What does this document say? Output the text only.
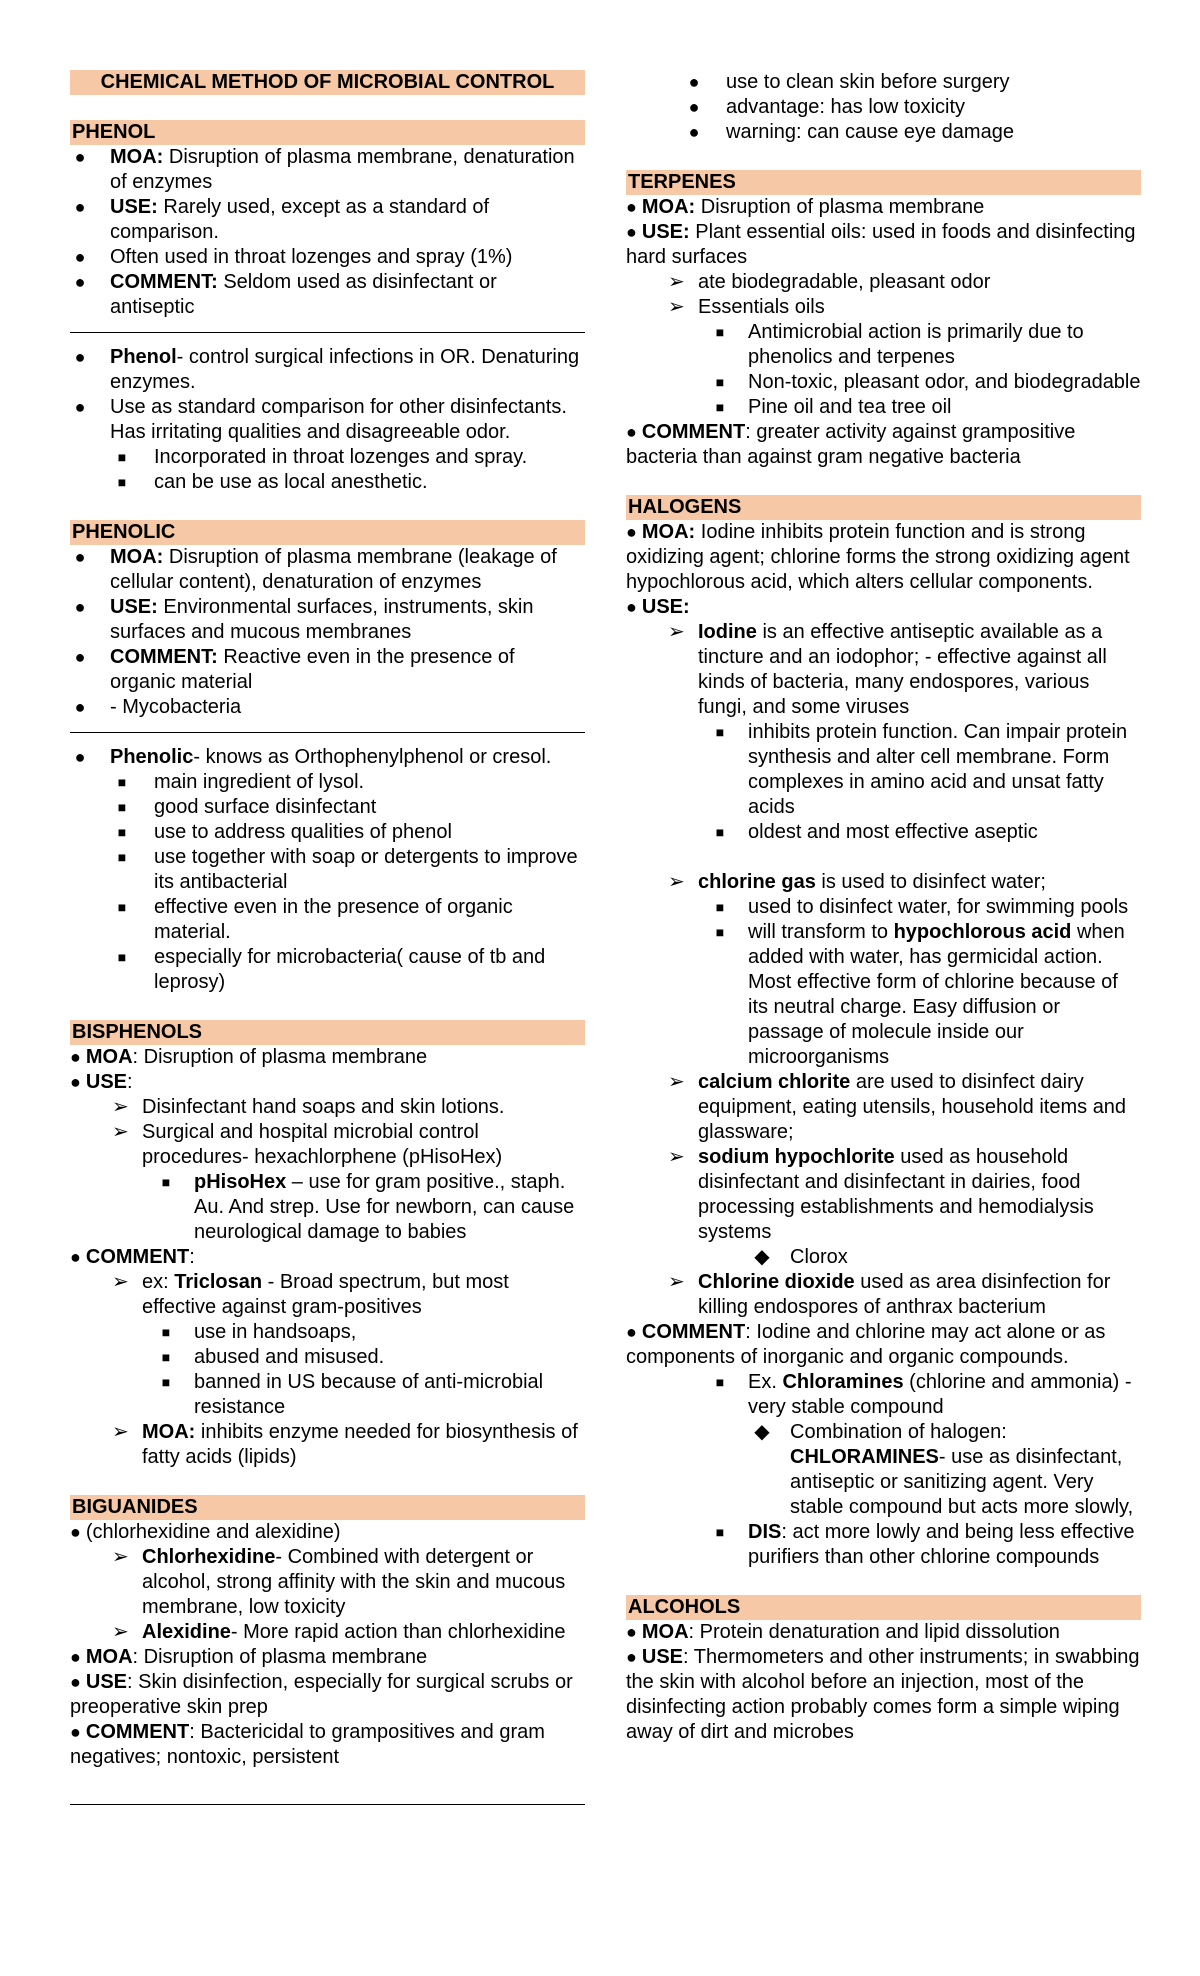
CHEMICAL METHOD OF MICROBIAL CONTROL
PHENOL
● MOA: Disruption of plasma membrane, denaturation of enzymes
● USE: Rarely used, except as a standard of comparison.
● Often used in throat lozenges and spray (1%)
● COMMENT: Seldom used as disinfectant or antiseptic
● Phenol- control surgical infections in OR. Denaturing enzymes.
● Use as standard comparison for other disinfectants. Has irritating qualities and disagreeable odor.
■ Incorporated in throat lozenges and spray.
■ can be use as local anesthetic.
PHENOLIC
● MOA: Disruption of plasma membrane (leakage of cellular content), denaturation of enzymes
● USE: Environmental surfaces, instruments, skin surfaces and mucous membranes
● COMMENT: Reactive even in the presence of organic material
● - Mycobacteria
● Phenolic- knows as Orthophenylphenol or cresol.
■ main ingredient of lysol.
■ good surface disinfectant
■ use to address qualities of phenol
■ use together with soap or detergents to improve its antibacterial
■ effective even in the presence of organic material.
■ especially for microbacteria( cause of tb and leprosy)
BISPHENOLS
● MOA: Disruption of plasma membrane
● USE:
➢ Disinfectant hand soaps and skin lotions.
➢ Surgical and hospital microbial control procedures- hexachlorphene (pHisoHex)
■ pHisoHex – use for gram positive., staph. Au. And strep. Use for newborn, can cause neurological damage to babies
● COMMENT:
➢ ex: Triclosan - Broad spectrum, but most effective against gram-positives
■ use in handsoaps,
■ abused and misused.
■ banned in US because of anti-microbial resistance
➢ MOA: inhibits enzyme needed for biosynthesis of fatty acids (lipids)
BIGUANIDES
● (chlorhexidine and alexidine)
➢ Chlorhexidine- Combined with detergent or alcohol, strong affinity with the skin and mucous membrane, low toxicity
➢ Alexidine- More rapid action than chlorhexidine
● MOA: Disruption of plasma membrane
● USE: Skin disinfection, especially for surgical scrubs or preoperative skin prep
● COMMENT: Bactericidal to grampositives and gram negatives; nontoxic, persistent
● use to clean skin before surgery
● advantage: has low toxicity
● warning: can cause eye damage
TERPENES
● MOA: Disruption of plasma membrane
● USE: Plant essential oils: used in foods and disinfecting hard surfaces
➢ ate biodegradable, pleasant odor
➢ Essentials oils
■ Antimicrobial action is primarily due to phenolics and terpenes
■ Non-toxic, pleasant odor, and biodegradable
■ Pine oil and tea tree oil
● COMMENT: greater activity against grampositive bacteria than against gram negative bacteria
HALOGENS
● MOA: Iodine inhibits protein function and is strong oxidizing agent; chlorine forms the strong oxidizing agent hypochlorous acid, which alters cellular components.
● USE:
➢ Iodine is an effective antiseptic available as a tincture and an iodophor; - effective against all kinds of bacteria, many endospores, various fungi, and some viruses
■ inhibits protein function. Can impair protein synthesis and alter cell membrane. Form complexes in amino acid and unsat fatty acids
■ oldest and most effective aseptic
➢ chlorine gas is used to disinfect water;
■ used to disinfect water, for swimming pools
■ will transform to hypochlorous acid when added with water, has germicidal action. Most effective form of chlorine because of its neutral charge. Easy diffusion or passage of molecule inside our microorganisms
➢ calcium chlorite are used to disinfect dairy equipment, eating utensils, household items and glassware;
➢ sodium hypochlorite used as household disinfectant and disinfectant in dairies, food processing establishments and hemodialysis systems
◆ Clorox
➢ Chlorine dioxide used as area disinfection for killing endospores of anthrax bacterium
● COMMENT: Iodine and chlorine may act alone or as components of inorganic and organic compounds.
■ Ex. Chloramines (chlorine and ammonia) - very stable compound
◆ Combination of halogen: CHLORAMINES- use as disinfectant, antiseptic or sanitizing agent. Very stable compound but acts more slowly,
■ DIS: act more lowly and being less effective purifiers than other chlorine compounds
ALCOHOLS
● MOA: Protein denaturation and lipid dissolution
● USE: Thermometers and other instruments; in swabbing the skin with alcohol before an injection, most of the disinfecting action probably comes form a simple wiping away of dirt and microbes
